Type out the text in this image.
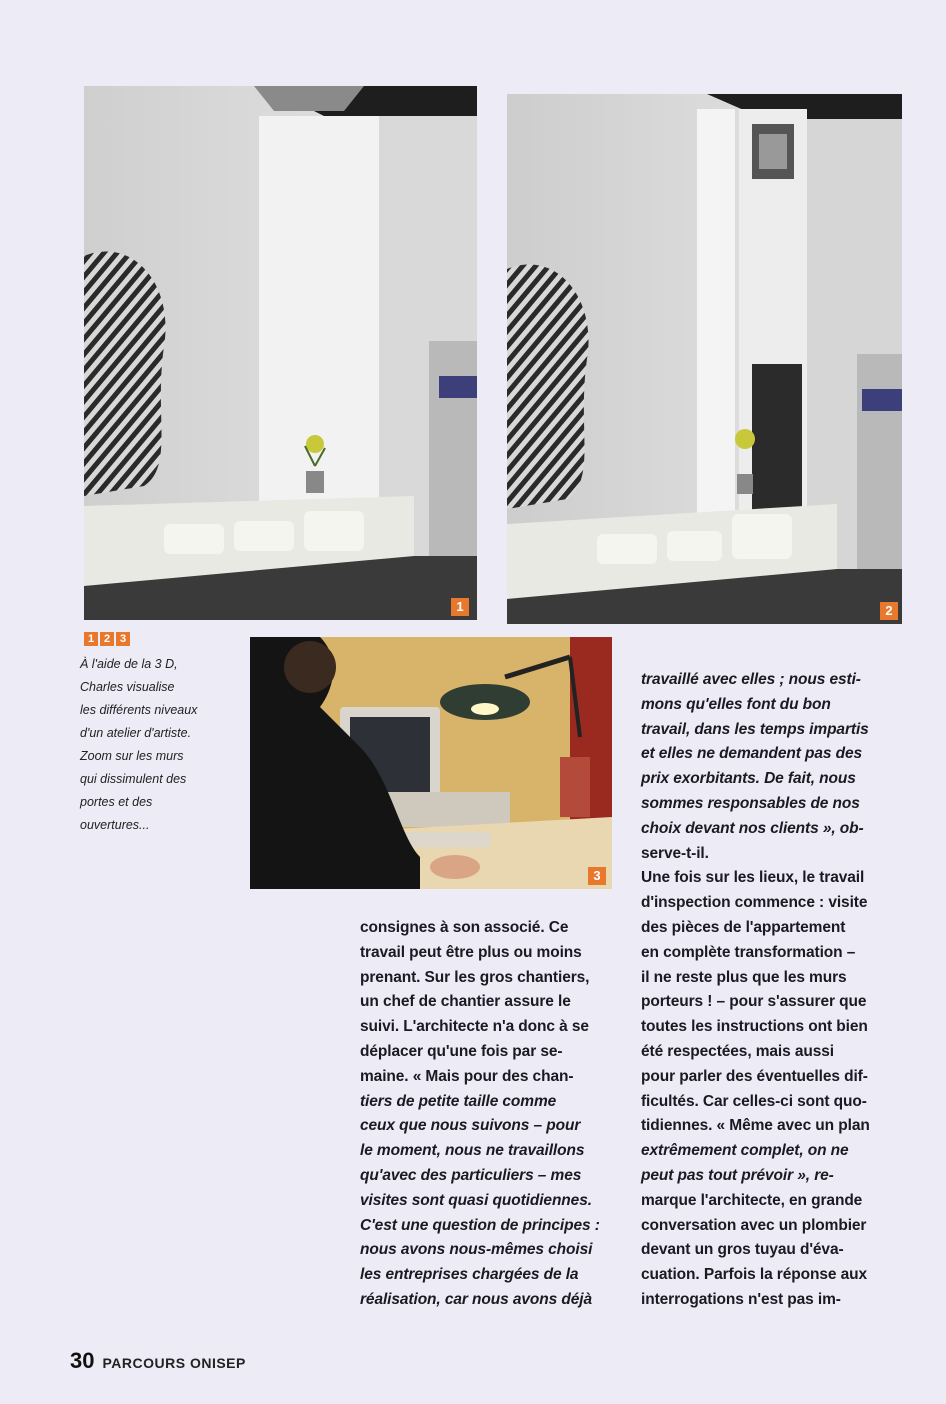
1	2
1 2 3
À l'aide de la 3 D,
Charles visualise
les différents niveaux
d'un atelier d'artiste.
Zoom sur les murs
qui dissimulent des
portes et des
ouvertures...
3
consignes à son associé. Ce
travail peut être plus ou moins
prenant. Sur les gros chantiers,
un chef de chantier assure le
suivi. L'architecte n'a donc à se
déplacer qu'une fois par se-
maine. « Mais pour des chan-
tiers de petite taille comme
ceux que nous suivons – pour
le moment, nous ne travaillons
qu'avec des particuliers – mes
visites sont quasi quotidiennes.
C'est une question de principes :
nous avons nous-mêmes choisi
les entreprises chargées de la
réalisation, car nous avons déjà
travaillé avec elles ; nous esti-
mons qu'elles font du bon
travail, dans les temps impartis
et elles ne demandent pas des
prix exorbitants. De fait, nous
sommes responsables de nos
choix devant nos clients », ob-
serve-t-il.
Une fois sur les lieux, le travail
d'inspection commence : visite
des pièces de l'appartement
en complète transformation –
il ne reste plus que les murs
porteurs ! – pour s'assurer que
toutes les instructions ont bien
été respectées, mais aussi
pour parler des éventuelles dif-
ficultés. Car celles-ci sont quo-
tidiennes. « Même avec un plan
extrêmement complet, on ne
peut pas tout prévoir », re-
marque l'architecte, en grande
conversation avec un plombier
devant un gros tuyau d'éva-
cuation. Parfois la réponse aux
interrogations n'est pas im-
30 PARCOURS ONISEP
